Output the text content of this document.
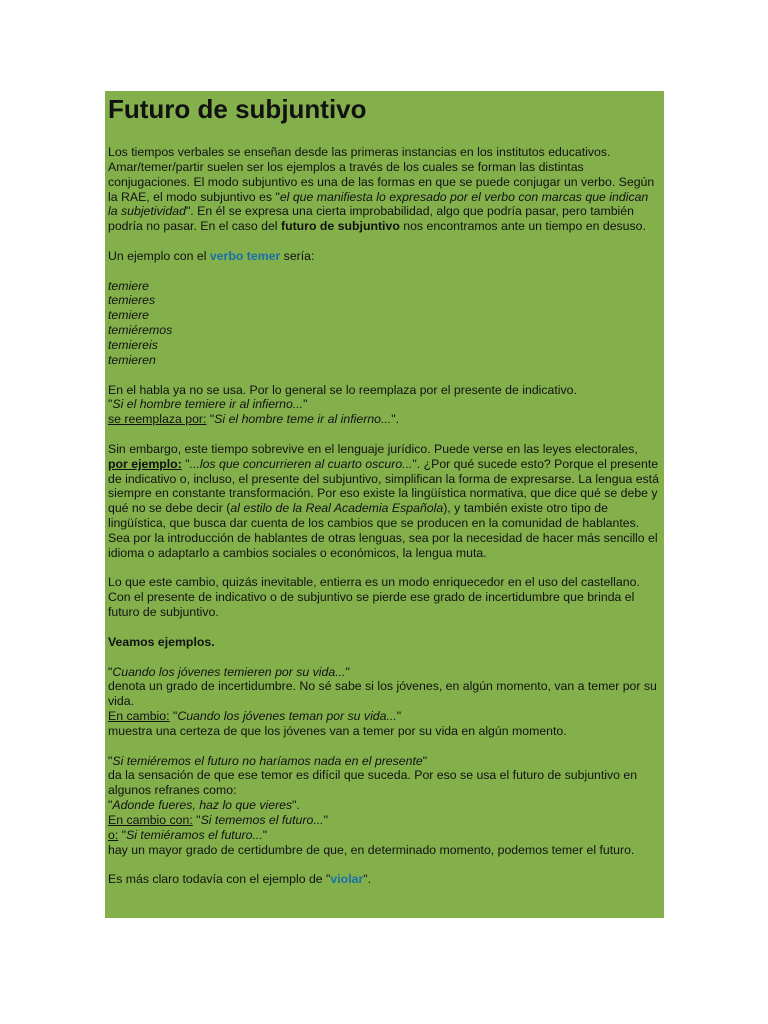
Futuro de subjuntivo

Los tiempos verbales se enseñan desde las primeras instancias en los institutos educativos. Amar/temer/partir suelen ser los ejemplos a través de los cuales se forman las distintas conjugaciones. El modo subjuntivo es una de las formas en que se puede conjugar un verbo. Según la RAE, el modo subjuntivo es "el que manifiesta lo expresado por el verbo con marcas que indican la subjetividad". En él se expresa una cierta improbabilidad, algo que podría pasar, pero también podría no pasar. En el caso del futuro de subjuntivo nos encontramos ante un tiempo en desuso.

Un ejemplo con el verbo temer sería:

temiere
temieres
temiere
temiéremos
temiereis
temieren

En el habla ya no se usa. Por lo general se lo reemplaza por el presente de indicativo.
"Si el hombre temiere ir al infierno..."
se reemplaza por: "Si el hombre teme ir al infierno...".

Sin embargo, este tiempo sobrevive en el lenguaje jurídico. Puede verse en las leyes electorales, por ejemplo: "...los que concurrieren al cuarto oscuro...". ¿Por qué sucede esto? Porque el presente de indicativo o, incluso, el presente del subjuntivo, simplifican la forma de expresarse. La lengua está siempre en constante transformación. Por eso existe la lingüística normativa, que dice qué se debe y qué no se debe decir (al estilo de la Real Academia Española), y también existe otro tipo de lingüística, que busca dar cuenta de los cambios que se producen en la comunidad de hablantes. Sea por la introducción de hablantes de otras lenguas, sea por la necesidad de hacer más sencillo el idioma o adaptarlo a cambios sociales o económicos, la lengua muta.

Lo que este cambio, quizás inevitable, entierra es un modo enriquecedor en el uso del castellano. Con el presente de indicativo o de subjuntivo se pierde ese grado de incertidumbre que brinda el futuro de subjuntivo.

Veamos ejemplos.

"Cuando los jóvenes temieren por su vida..."
denota un grado de incertidumbre. No sé sabe si los jóvenes, en algún momento, van a temer por su vida.
En cambio: "Cuando los jóvenes teman por su vida..."
muestra una certeza de que los jóvenes van a temer por su vida en algún momento.

"Si temiéremos el futuro no haríamos nada en el presente"
da la sensación de que ese temor es difícil que suceda. Por eso se usa el futuro de subjuntivo en algunos refranes como:
"Adonde fueres, haz lo que vieres".
En cambio con: "Si tememos el futuro..."
o: "Si temiéramos el futuro..."
hay un mayor grado de certidumbre de que, en determinado momento, podemos temer el futuro.

Es más claro todavía con el ejemplo de "violar".
